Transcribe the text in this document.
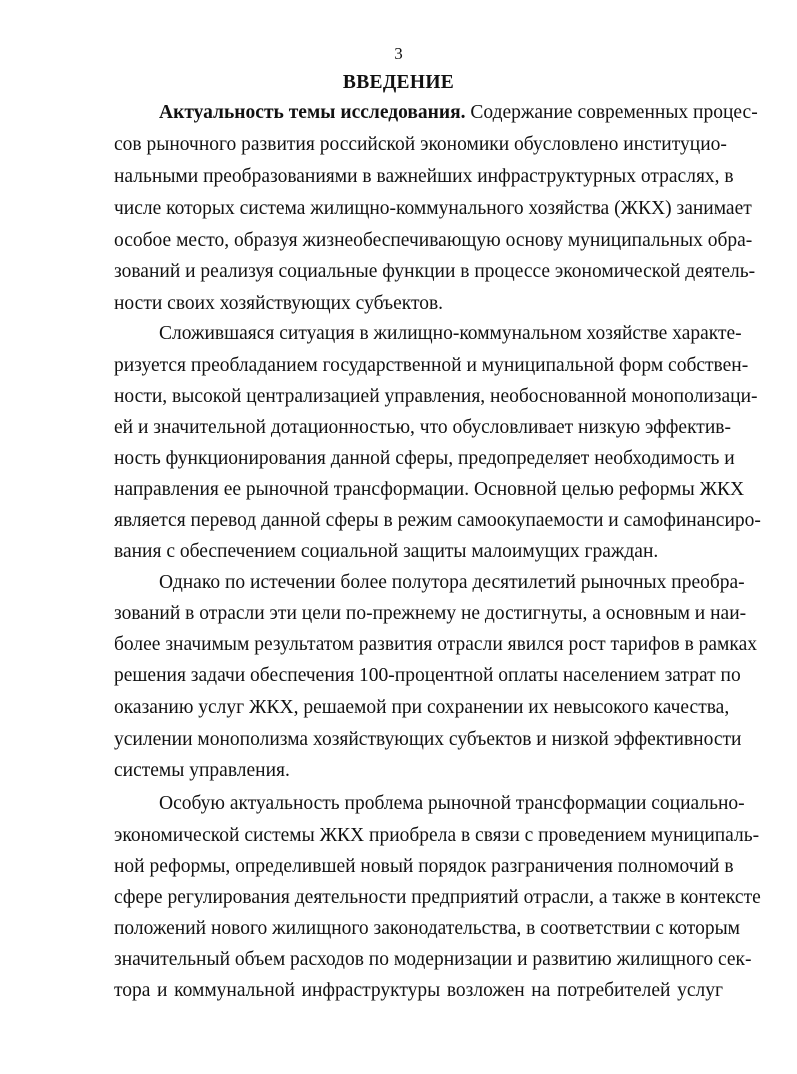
3
ВВЕДЕНИЕ
Актуальность темы исследования. Содержание современных процес-
сов рыночного развития российской экономики обусловлено институцио-
нальными преобразованиями в важнейших инфраструктурных отраслях, в
числе которых система жилищно-коммунального хозяйства (ЖКХ) занимает
особое место, образуя жизнеобеспечивающую основу муниципальных обра-
зований и реализуя социальные функции в процессе экономической деятель-
ности своих хозяйствующих субъектов.
Сложившаяся ситуация в жилищно-коммунальном хозяйстве характе-
ризуется преобладанием государственной и муниципальной форм собствен-
ности, высокой централизацией управления, необоснованной монополизаци-
ей и значительной дотационностью, что обусловливает низкую эффектив-
ность функционирования данной сферы, предопределяет необходимость и
направления ее рыночной трансформации. Основной целью реформы ЖКХ
является перевод данной сферы в режим самоокупаемости и самофинансиро-
вания с обеспечением социальной защиты малоимущих граждан.
Однако по истечении более полутора десятилетий рыночных преобра-
зований в отрасли эти цели по-прежнему не достигнуты, а основным и наи-
более значимым результатом развития отрасли явился рост тарифов в рамках
решения задачи обеспечения 100-процентной оплаты населением затрат по
оказанию услуг ЖКХ, решаемой при сохранении их невысокого качества,
усилении монополизма хозяйствующих субъектов и низкой эффективности
системы управления.
Особую актуальность проблема рыночной трансформации социально-
экономической системы ЖКХ приобрела в связи с проведением муниципаль-
ной реформы, определившей новый порядок разграничения полномочий в
сфере регулирования деятельности предприятий отрасли, а также в контексте
положений нового жилищного законодательства, в соответствии с которым
значительный объем расходов по модернизации и развитию жилищного сек-
тора и коммунальной инфраструктуры возложен на потребителей услуг
